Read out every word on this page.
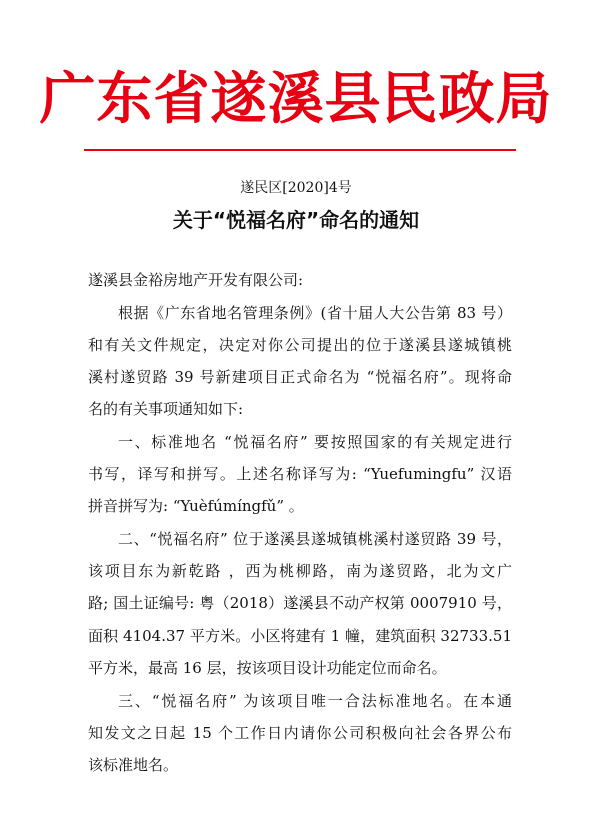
广东省遂溪县民政局
遂民区[2020]4号
关于“悦福名府”命名的通知
遂溪县金裕房地产开发有限公司:
根据《广东省地名管理条例》(省十届人大公告第 83 号）
和有关文件规定，决定对你公司提出的位于遂溪县遂城镇桃
溪村遂贸路 39 号新建项目正式命名为 “悦福名府”。现将命
名的有关事项通知如下:
一、标准地名 “悦福名府” 要按照国家的有关规定进行
书写，译写和拼写。上述名称译写为: “Yuefumingfu” 汉语
拼音拼写为: “Yuèfúmíngfǔ” 。
二、“悦福名府” 位于遂溪县遂城镇桃溪村遂贸路 39 号，
该项目东为新乾路 ，西为桃柳路，南为遂贸路，北为文广
路; 国土证编号: 粤（2018）遂溪县不动产权第 0007910 号，
面积 4104.37 平方米。小区将建有 1 幢，建筑面积 32733.51
平方米，最高 16 层，按该项目设计功能定位而命名。
三、“悦福名府” 为该项目唯一合法标准地名。在本通
知发文之日起 15 个工作日内请你公司积极向社会各界公布
该标准地名。
